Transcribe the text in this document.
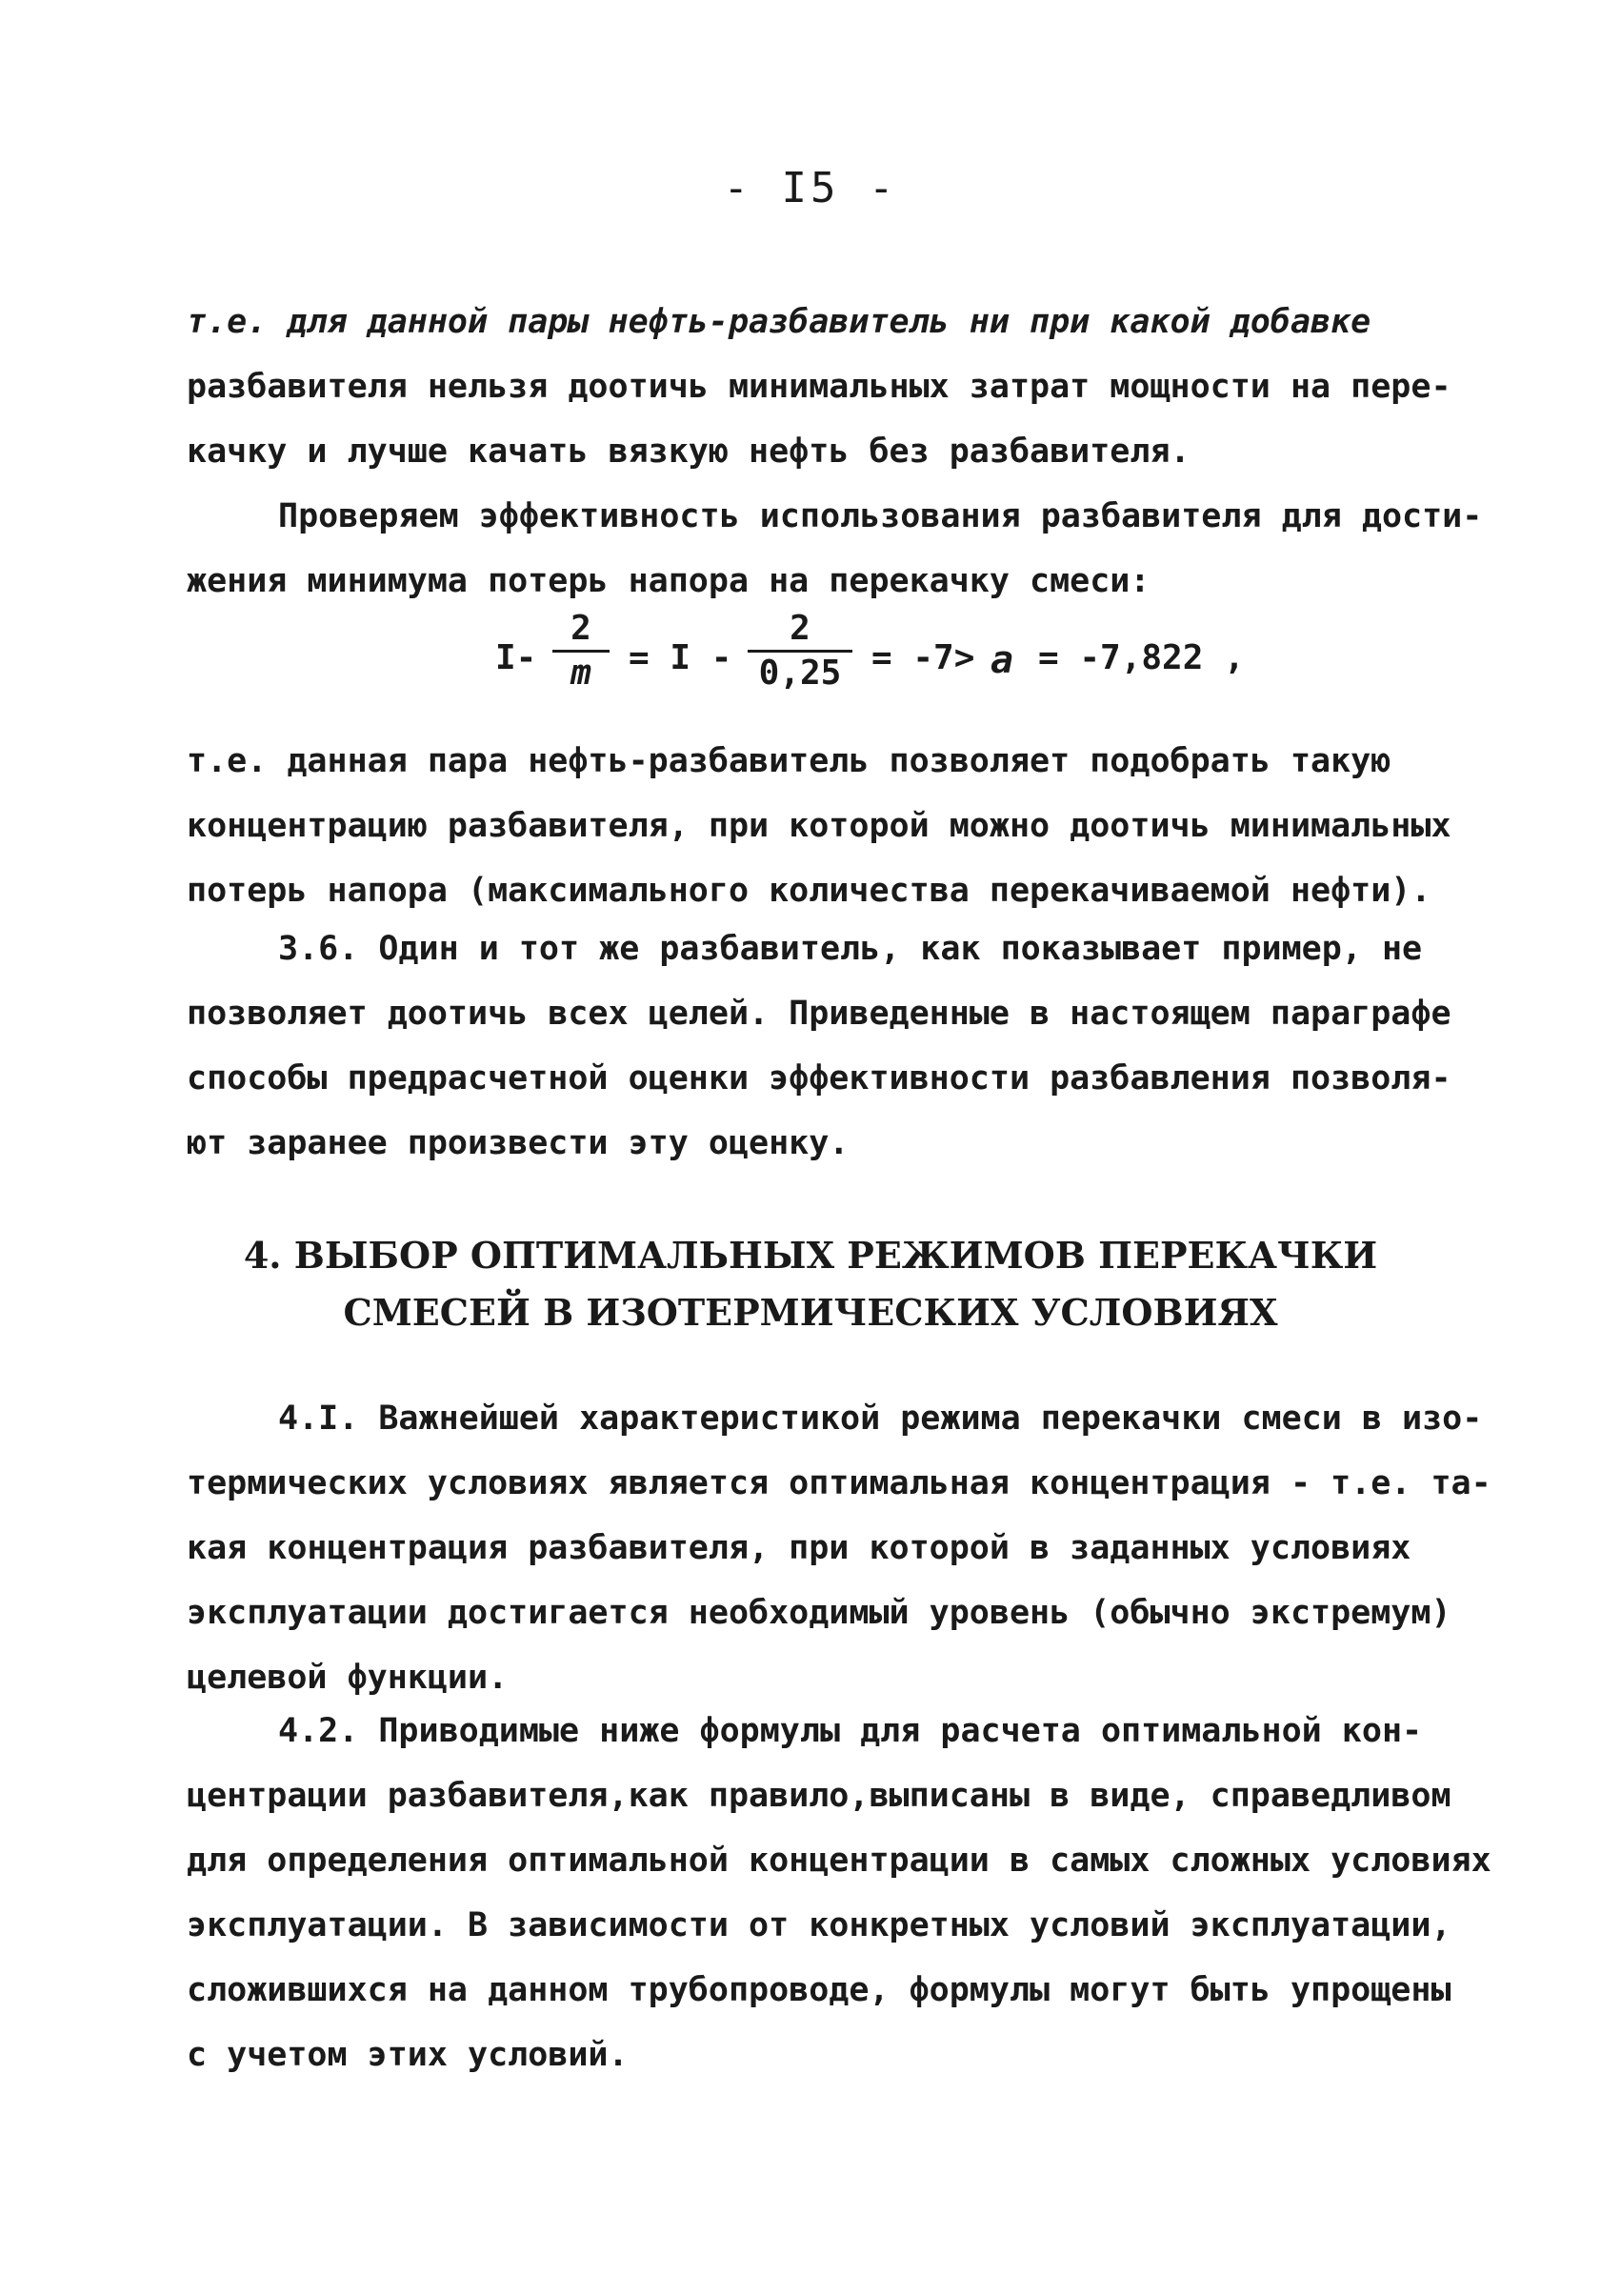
- I5 -
т.е. для данной пары нефть-разбавитель ни при какой добавке
разбавителя нельзя доотичь минимальных затрат мощности на пере-
качку и лучше качать вязкую нефть без разбавителя.
Проверяем эффективность использования разбавителя для дости-
жения минимума потерь напора на перекачку смеси:
I-
2
m	= I -
2
0,25 = -7> a = -7,822 ,
т.е. данная пара нефть-разбавитель позволяет подобрать такую
концентрацию разбавителя, при которой можно доотичь минимальных
потерь напора (максимального количества перекачиваемой нефти).
3.6. Один и тот же разбавитель, как показывает пример, не
позволяет доотичь всех целей. Приведенные в настоящем параграфе
способы предрасчетной оценки эффективности разбавления позволя-
ют заранее произвести эту оценку.
4. ВЫБОР ОПТИМАЛЬНЫХ РЕЖИМОВ ПЕРЕКАЧКИ
СМЕСЕЙ В ИЗОТЕРМИЧЕСКИХ УСЛОВИЯХ
4.I. Важнейшей характеристикой режима перекачки смеси в изо-
термических условиях является оптимальная концентрация - т.е. та-
кая концентрация разбавителя, при которой в заданных условиях
эксплуатации достигается необходимый уровень (обычно экстремум)
целевой функции.
4.2. Приводимые ниже формулы для расчета оптимальной кон-
центрации разбавителя,как правило,выписаны в виде, справедливом
для определения оптимальной концентрации в самых сложных условиях
эксплуатации. В зависимости от конкретных условий эксплуатации,
сложившихся на данном трубопроводе, формулы могут быть упрощены
с учетом этих условий.
